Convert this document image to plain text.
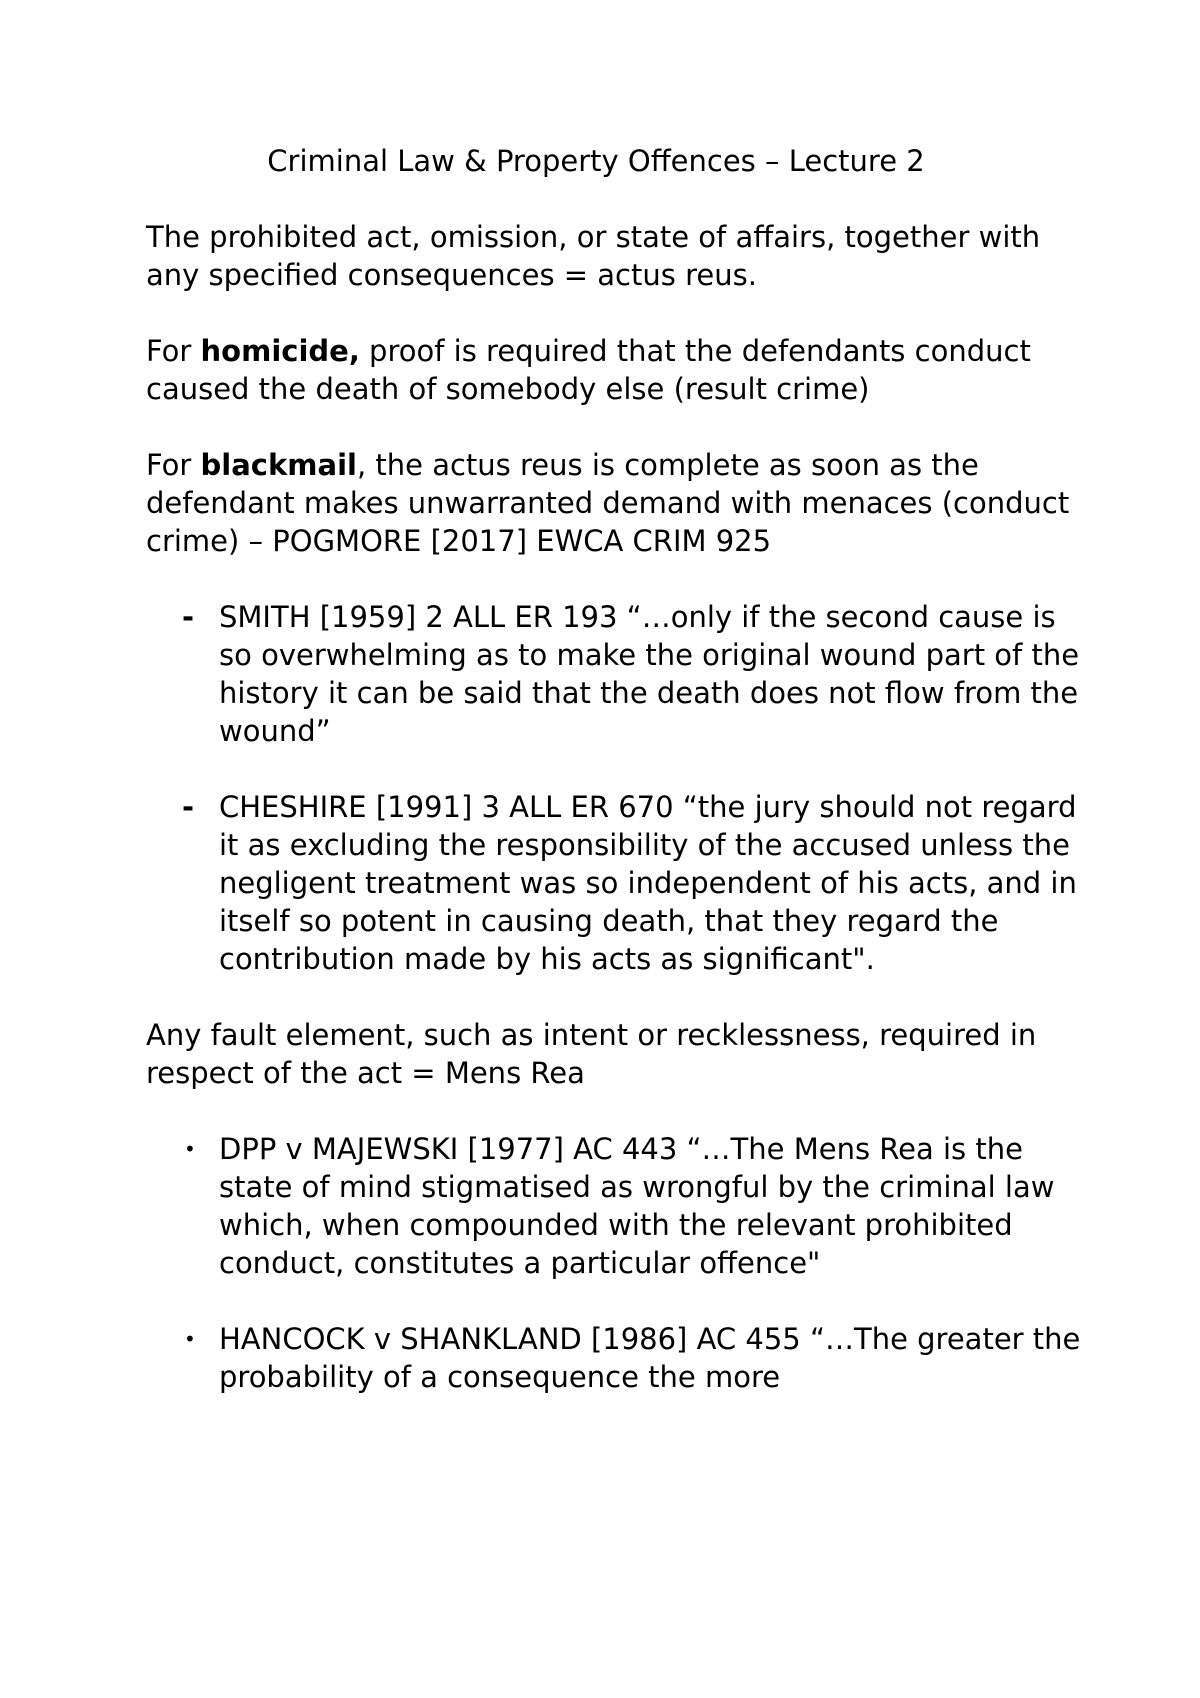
Criminal Law & Property Offences – Lecture 2

The prohibited act, omission, or state of affairs, together with any specified consequences = actus reus.

For homicide, proof is required that the defendants conduct caused the death of somebody else (result crime)

For blackmail, the actus reus is complete as soon as the defendant makes unwarranted demand with menaces (conduct crime) – POGMORE [2017] EWCA CRIM 925

- SMITH [1959] 2 ALL ER 193 “…only if the second cause is so overwhelming as to make the original wound part of the history it can be said that the death does not flow from the wound”
- CHESHIRE [1991] 3 ALL ER 670 “the jury should not regard it as excluding the responsibility of the accused unless the negligent treatment was so independent of his acts, and in itself so potent in causing death, that they regard the contribution made by his acts as significant".

Any fault element, such as intent or recklessness, required in respect of the act = Mens Rea

• DPP v MAJEWSKI [1977] AC 443 “…The Mens Rea is the state of mind stigmatised as wrongful by the criminal law which, when compounded with the relevant prohibited conduct, constitutes a particular offence"
• HANCOCK v SHANKLAND [1986] AC 455 “…The greater the probability of a consequence the more
